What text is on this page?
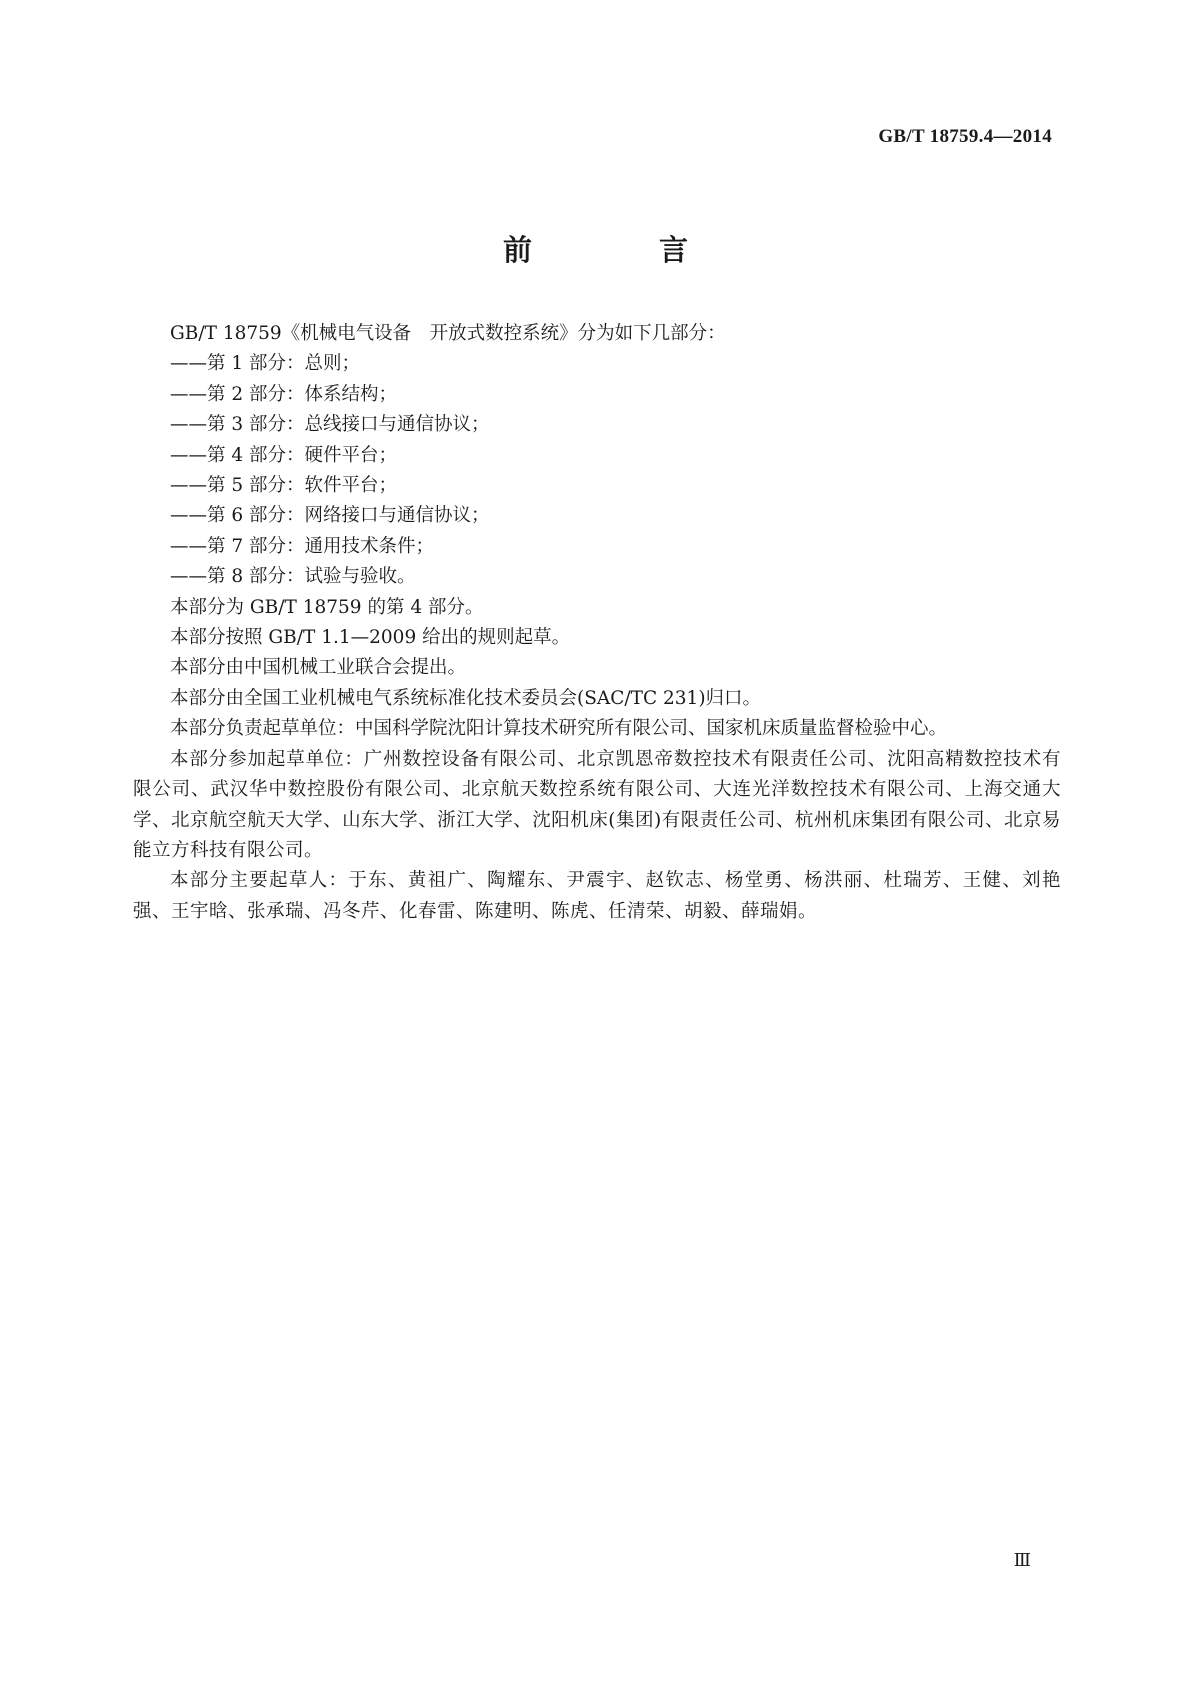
GB/T 18759.4—2014
前　言

GB/T 18759《机械电气设备　开放式数控系统》分为如下几部分：

——第 1 部分：总则；

——第 2 部分：体系结构；

——第 3 部分：总线接口与通信协议；

——第 4 部分：硬件平台；

——第 5 部分：软件平台；

——第 6 部分：网络接口与通信协议；

——第 7 部分：通用技术条件；

——第 8 部分：试验与验收。

本部分为 GB/T 18759 的第 4 部分。

本部分按照 GB/T 1.1—2009 给出的规则起草。

本部分由中国机械工业联合会提出。

本部分由全国工业机械电气系统标准化技术委员会(SAC/TC 231)归口。

本部分负责起草单位：中国科学院沈阳计算技术研究所有限公司、国家机床质量监督检验中心。

本部分参加起草单位：广州数控设备有限公司、北京凯恩帝数控技术有限责任公司、沈阳高精数控技术有限公司、武汉华中数控股份有限公司、北京航天数控系统有限公司、大连光洋数控技术有限公司、上海交通大学、北京航空航天大学、山东大学、浙江大学、沈阳机床(集团)有限责任公司、杭州机床集团有限公司、北京易能立方科技有限公司。

本部分主要起草人：于东、黄祖广、陶耀东、尹震宇、赵钦志、杨堂勇、杨洪丽、杜瑞芳、王健、刘艳强、王宇晗、张承瑞、冯冬芹、化春雷、陈建明、陈虎、任清荣、胡毅、薛瑞娟。

Ⅲ
